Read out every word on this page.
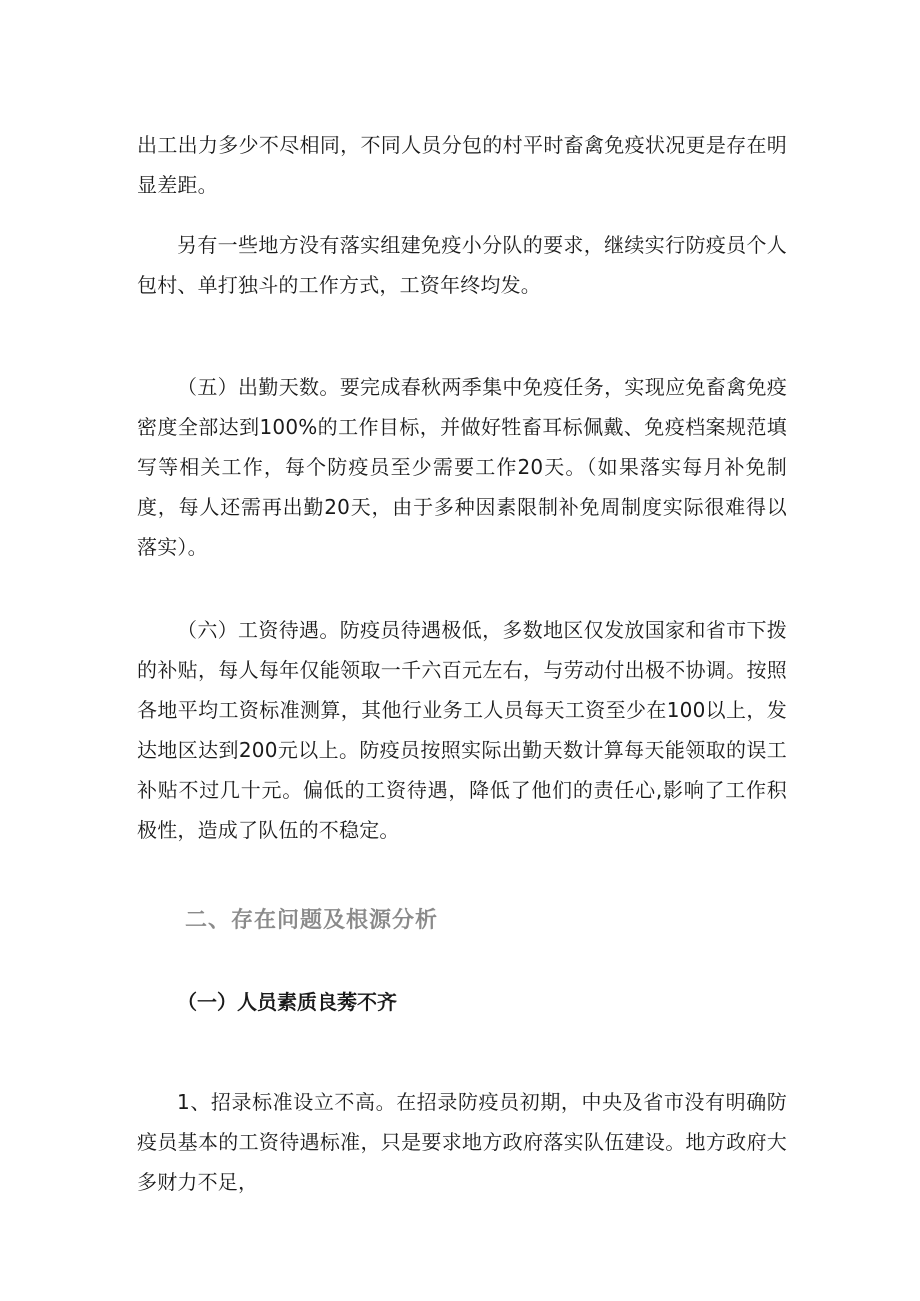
出工出力多少不尽相同，不同人员分包的村平时畜禽免疫状况更是存在明显差距。

另有一些地方没有落实组建免疫小分队的要求，继续实行防疫员个人包村、单打独斗的工作方式，工资年终均发。

（五）出勤天数。要完成春秋两季集中免疫任务，实现应免畜禽免疫密度全部达到100%的工作目标，并做好牲畜耳标佩戴、免疫档案规范填写等相关工作，每个防疫员至少需要工作20天。（如果落实每月补免制度，每人还需再出勤20天，由于多种因素限制补免周制度实际很难得以落实）。

（六）工资待遇。防疫员待遇极低，多数地区仅发放国家和省市下拨的补贴，每人每年仅能领取一千六百元左右，与劳动付出极不协调。按照各地平均工资标准测算，其他行业务工人员每天工资至少在100以上，发达地区达到200元以上。防疫员按照实际出勤天数计算每天能领取的误工补贴不过几十元。偏低的工资待遇，降低了他们的责任心,影响了工作积极性，造成了队伍的不稳定。

二、存在问题及根源分析
（一）人员素质良莠不齐

1、招录标准设立不高。在招录防疫员初期，中央及省市没有明确防疫员基本的工资待遇标准，只是要求地方政府落实队伍建设。地方政府大多财力不足，
